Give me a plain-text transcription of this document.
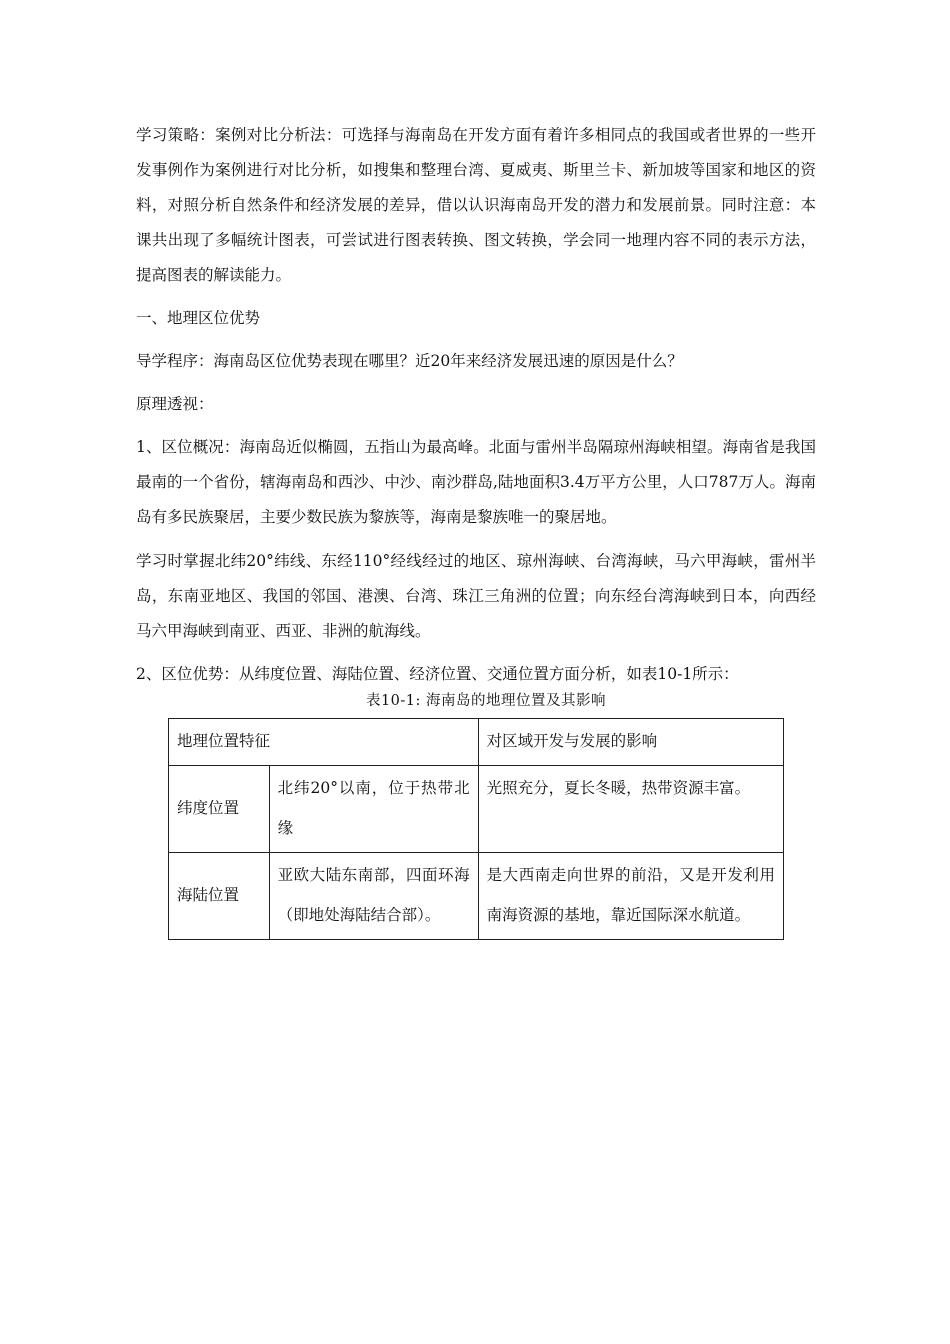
学习策略：案例对比分析法：可选择与海南岛在开发方面有着许多相同点的我国或者世界的一些开发事例作为案例进行对比分析，如搜集和整理台湾、夏威夷、斯里兰卡、新加坡等国家和地区的资料，对照分析自然条件和经济发展的差异，借以认识海南岛开发的潜力和发展前景。同时注意：本课共出现了多幅统计图表，可尝试进行图表转换、图文转换，学会同一地理内容不同的表示方法，提高图表的解读能力。

一、地理区位优势

导学程序：海南岛区位优势表现在哪里？近20年来经济发展迅速的原因是什么？

原理透视：

1、区位概况：海南岛近似椭圆，五指山为最高峰。北面与雷州半岛隔琼州海峡相望。海南省是我国最南的一个省份，辖海南岛和西沙、中沙、南沙群岛,陆地面积3.4万平方公里，人口787万人。海南岛有多民族聚居，主要少数民族为黎族等，海南是黎族唯一的聚居地。

学习时掌握北纬20°纬线、东经110°经线经过的地区、琼州海峡、台湾海峡，马六甲海峡，雷州半岛，东南亚地区、我国的邻国、港澳、台湾、珠江三角洲的位置；向东经台湾海峡到日本，向西经马六甲海峡到南亚、西亚、非洲的航海线。

2、区位优势：从纬度位置、海陆位置、经济位置、交通位置方面分析，如表10-1所示：

表10-1: 海南岛的地理位置及其影响
地理位置特征		对区域开发与发展的影响
纬度位置	北纬20°以南，位于热带北缘	光照充分，夏长冬暖，热带资源丰富。
海陆位置	亚欧大陆东南部，四面环海（即地处海陆结合部）。	是大西南走向世界的前沿，又是开发利用南海资源的基地，靠近国际深水航道。
